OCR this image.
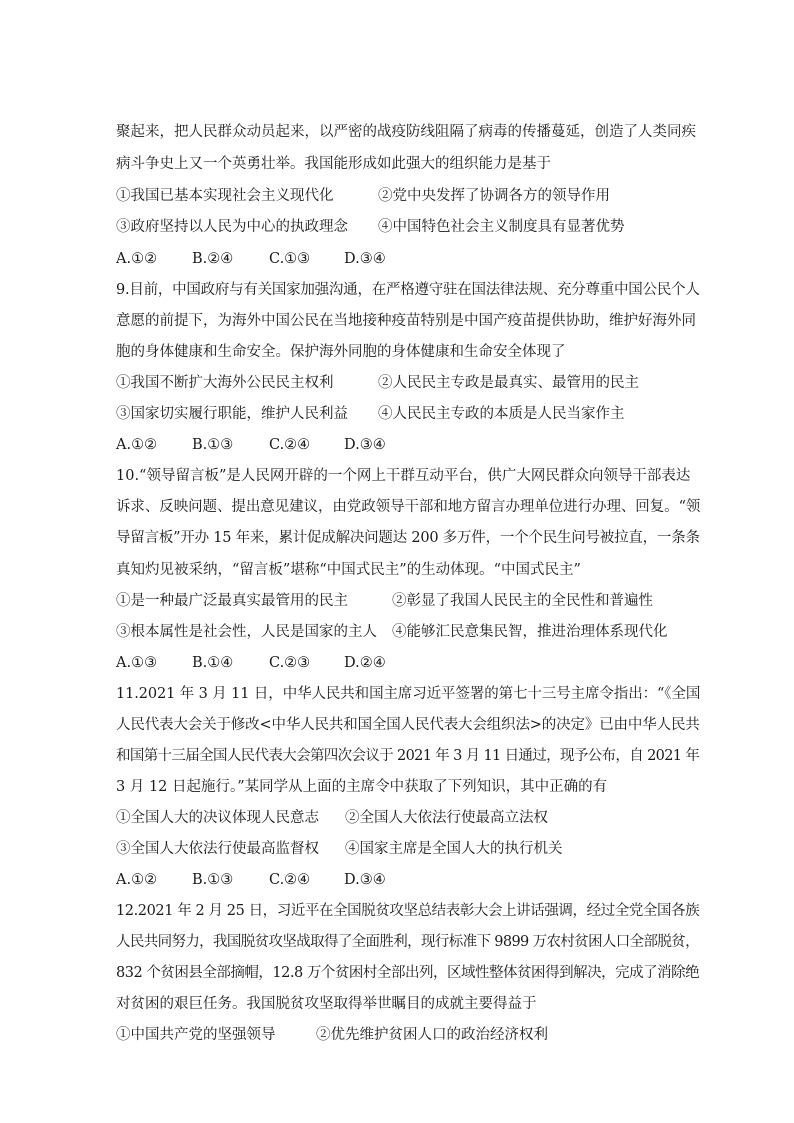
聚起来，把人民群众动员起来，以严密的战疫防线阻隔了病毒的传播蔓延，创造了人类同疾
病斗争史上又一个英勇壮举。我国能形成如此强大的组织能力是基于
①我国已基本实现社会主义现代化	②党中央发挥了协调各方的领导作用
③政府坚持以人民为中心的执政理念 ④中国特色社会主义制度具有显著优势
A.①② B.②④ C.①③ D.③④
9.目前，中国政府与有关国家加强沟通，在严格遵守驻在国法律法规、充分尊重中国公民个人
意愿的前提下，为海外中国公民在当地接种疫苗特别是中国产疫苗提供协助，维护好海外同
胞的身体健康和生命安全。保护海外同胞的身体健康和生命安全体现了
①我国不断扩大海外公民民主权利	②人民民主专政是最真实、最管用的民主
③国家切实履行职能，维护人民利益 ④人民民主专政的本质是人民当家作主
A.①② B.①③ C.②④ D.③④
10.“领导留言板”是人民网开辟的一个网上干群互动平台，供广大网民群众向领导干部表达
诉求、反映问题、提出意见建议，由党政领导干部和地方留言办理单位进行办理、回复。“领
导留言板”开办 15 年来，累计促成解决问题达 200 多万件，一个个民生问号被拉直，一条条
真知灼见被采纳，“留言板”堪称“中国式民主”的生动体现。“中国式民主”
①是一种最广泛最真实最管用的民主	②彰显了我国人民民主的全民性和普遍性
③根本属性是社会性，人民是国家的主人 ④能够汇民意集民智，推进治理体系现代化
A.①③ B.①④ C.②③ D.②④
11.2021 年 3 月 11 日，中华人民共和国主席习近平签署的第七十三号主席令指出：“《全国
人民代表大会关于修改<中华人民共和国全国人民代表大会组织法>的决定》已由中华人民共
和国第十三届全国人民代表大会第四次会议于 2021 年 3 月 11 日通过，现予公布，自 2021 年
3 月 12 日起施行。”某同学从上面的主席令中获取了下列知识，其中正确的有
①全国人大的决议体现人民意志 ②全国人大依法行使最高立法权
③全国人大依法行使最高监督权 ④国家主席是全国人大的执行机关
A.①② B.①③ C.②④ D.③④
12.2021 年 2 月 25 日，习近平在全国脱贫攻坚总结表彰大会上讲话强调，经过全党全国各族
人民共同努力，我国脱贫攻坚战取得了全面胜利，现行标准下 9899 万农村贫困人口全部脱贫，
832 个贫困县全部摘帽，12.8 万个贫困村全部出列，区域性整体贫困得到解决，完成了消除绝
对贫困的艰巨任务。我国脱贫攻坚取得举世瞩目的成就主要得益于
①中国共产党的坚强领导	②优先维护贫困人口的政治经济权利
